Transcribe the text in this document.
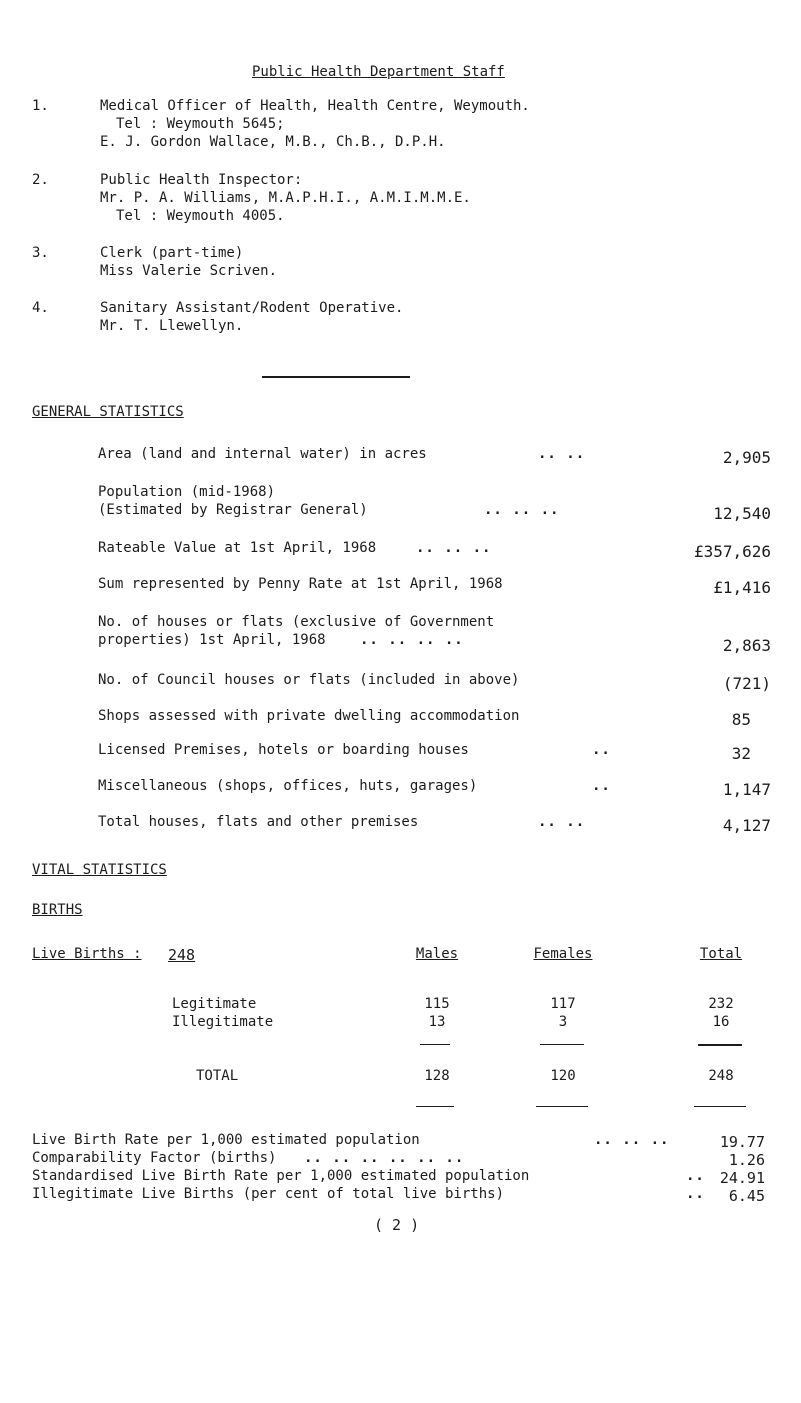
Public Health Department Staff
1.	Medical Officer of Health, Health Centre, Weymouth.
Tel : Weymouth 5645;
E. J. Gordon Wallace, M.B., Ch.B., D.P.H.
2.	Public Health Inspector:
Mr. P. A. Williams, M.A.P.H.I., A.M.I.M.M.E.
Tel : Weymouth 4005.
3.	Clerk (part-time)
Miss Valerie Scriven.
4.	Sanitary Assistant/Rodent Operative.
Mr. T. Llewellyn.
GENERAL STATISTICS
Area (land and internal water) in acres	.. ..	2,905
Population (mid-1968)
(Estimated by Registrar General)	.. .. ..	12,540
Rateable Value at 1st April, 1968	.. .. ..	£357,626
Sum represented by Penny Rate at 1st April, 1968	£1,416
No. of houses or flats (exclusive of Government
properties) 1st April, 1968 .. .. .. ..	2,863
No. of Council houses or flats (included in above)	(721)
Shops assessed with private dwelling accommodation	85
Licensed Premises, hotels or boarding houses	..	32
Miscellaneous (shops, offices, huts, garages)	..	1,147
Total houses, flats and other premises	.. ..	4,127
VITAL STATISTICS
BIRTHS
Live Births : 248	Males	Females	Total
Legitimate	115	117	232
Illegitimate	13	3	16
TOTAL	128	120	248
Live Birth Rate per 1,000 estimated population	.. .. ..	19.77
Comparability Factor (births) .. .. .. .. .. ..	1.26
Standardised Live Birth Rate per 1,000 estimated population	.. 24.91
Illegitimate Live Births (per cent of total live births)	.. 6.45
( 2 )
